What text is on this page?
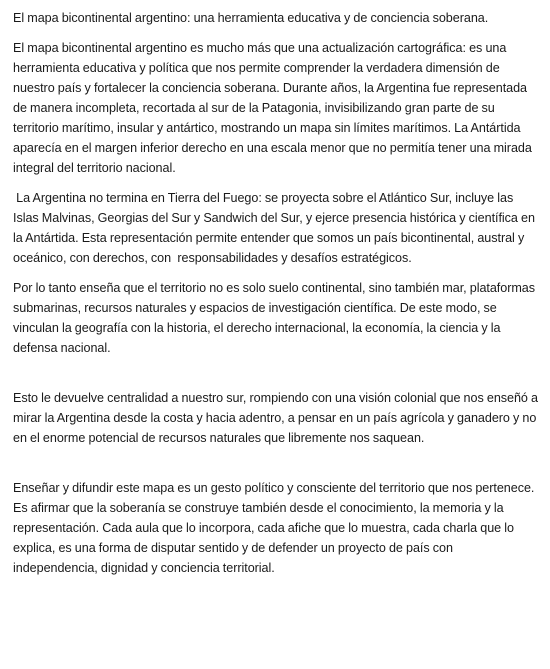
El mapa bicontinental argentino: una herramienta educativa y de conciencia soberana.

El mapa bicontinental argentino es mucho más que una actualización cartográfica: es una herramienta educativa y política que nos permite comprender la verdadera dimensión de nuestro país y fortalecer la conciencia soberana. Durante años, la Argentina fue representada de manera incompleta, recortada al sur de la Patagonia, invisibilizando gran parte de su territorio marítimo, insular y antártico, mostrando un mapa sin límites marítimos. La Antártida aparecía en el margen inferior derecho en una escala menor que no permitía tener una mirada integral del territorio nacional.

La Argentina no termina en Tierra del Fuego: se proyecta sobre el Atlántico Sur, incluye las Islas Malvinas, Georgias del Sur y Sandwich del Sur, y ejerce presencia histórica y científica en la Antártida. Esta representación permite entender que somos un país bicontinental, austral y oceánico, con derechos, con  responsabilidades y desafíos estratégicos.

Por lo tanto enseña que el territorio no es solo suelo continental, sino también mar, plataformas submarinas, recursos naturales y espacios de investigación científica. De este modo, se vinculan la geografía con la historia, el derecho internacional, la economía, la ciencia y la defensa nacional.

Esto le devuelve centralidad a nuestro sur, rompiendo con una visión colonial que nos enseñó a mirar la Argentina desde la costa y hacia adentro, a pensar en un país agrícola y ganadero y no en el enorme potencial de recursos naturales que libremente nos saquean.

Enseñar y difundir este mapa es un gesto político y consciente del territorio que nos pertenece. Es afirmar que la soberanía se construye también desde el conocimiento, la memoria y la representación. Cada aula que lo incorpora, cada afiche que lo muestra, cada charla que lo explica, es una forma de disputar sentido y de defender un proyecto de país con independencia, dignidad y conciencia territorial.
